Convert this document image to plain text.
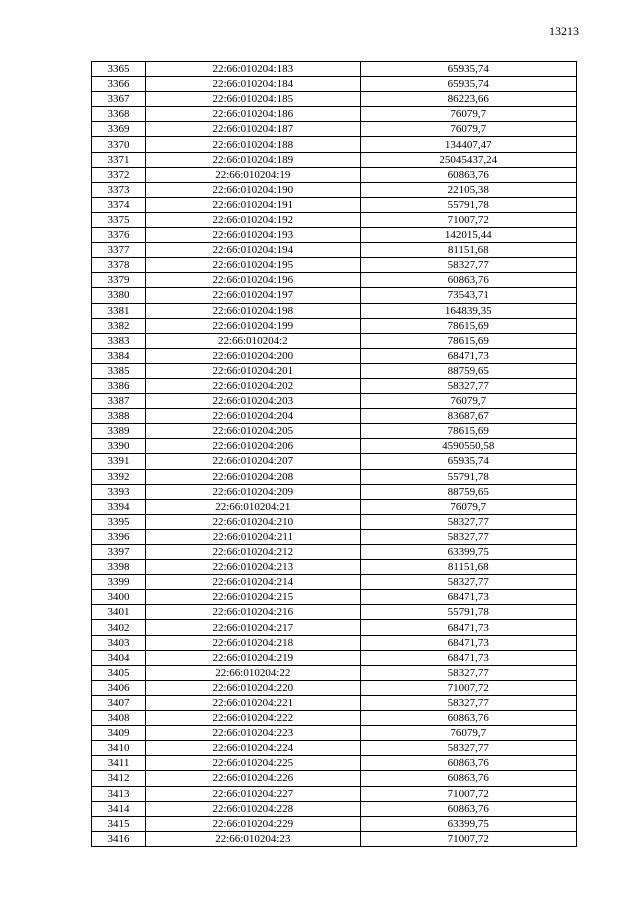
13213
3365	22:66:010204:183	65935,74
3366	22:66:010204:184	65935,74
3367	22:66:010204:185	86223,66
3368	22:66:010204:186	76079,7
3369	22:66:010204:187	76079,7
3370	22:66:010204:188	134407,47
3371	22:66:010204:189	25045437,24
3372	22:66:010204:19	60863,76
3373	22:66:010204:190	22105,38
3374	22:66:010204:191	55791,78
3375	22:66:010204:192	71007,72
3376	22:66:010204:193	142015,44
3377	22:66:010204:194	81151,68
3378	22:66:010204:195	58327,77
3379	22:66:010204:196	60863,76
3380	22:66:010204:197	73543,71
3381	22:66:010204:198	164839,35
3382	22:66:010204:199	78615,69
3383	22:66:010204:2	78615,69
3384	22:66:010204:200	68471,73
3385	22:66:010204:201	88759,65
3386	22:66:010204:202	58327,77
3387	22:66:010204:203	76079,7
3388	22:66:010204:204	83687,67
3389	22:66:010204:205	78615,69
3390	22:66:010204:206	4590550,58
3391	22:66:010204:207	65935,74
3392	22:66:010204:208	55791,78
3393	22:66:010204:209	88759,65
3394	22:66:010204:21	76079,7
3395	22:66:010204:210	58327,77
3396	22:66:010204:211	58327,77
3397	22:66:010204:212	63399,75
3398	22:66:010204:213	81151,68
3399	22:66:010204:214	58327,77
3400	22:66:010204:215	68471,73
3401	22:66:010204:216	55791,78
3402	22:66:010204:217	68471,73
3403	22:66:010204:218	68471,73
3404	22:66:010204:219	68471,73
3405	22:66:010204:22	58327,77
3406	22:66:010204:220	71007,72
3407	22:66:010204:221	58327,77
3408	22:66:010204:222	60863,76
3409	22:66:010204:223	76079,7
3410	22:66:010204:224	58327,77
3411	22:66:010204:225	60863,76
3412	22:66:010204:226	60863,76
3413	22:66:010204:227	71007,72
3414	22:66:010204:228	60863,76
3415	22:66:010204:229	63399,75
3416	22:66:010204:23	71007,72
